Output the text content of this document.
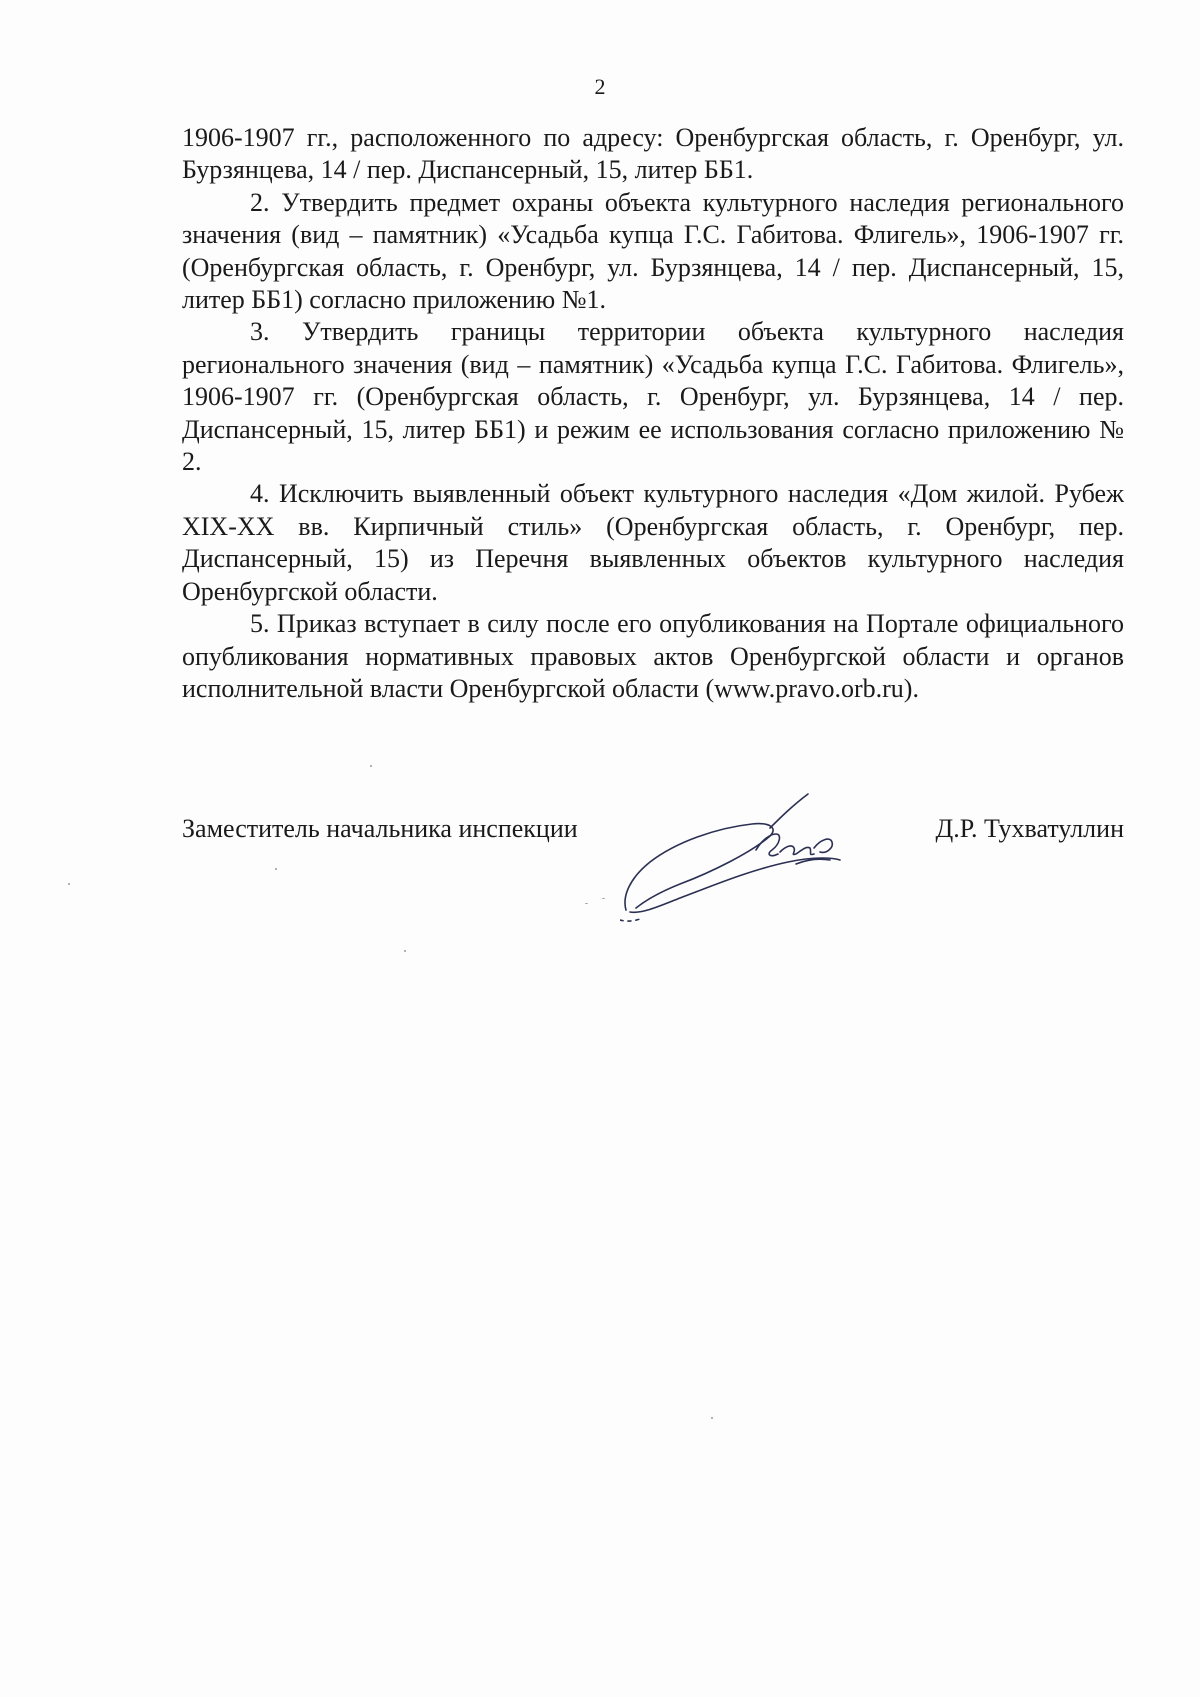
2

1906-1907 гг., расположенного по адресу: Оренбургская область, г. Оренбург, ул. Бурзянцева, 14 / пер. Диспансерный, 15, литер ББ1.

2. Утвердить предмет охраны объекта культурного наследия регионального значения (вид – памятник) «Усадьба купца Г.С. Габитова. Флигель», 1906-1907 гг. (Оренбургская область, г. Оренбург, ул. Бурзянцева, 14 / пер. Диспансерный, 15, литер ББ1) согласно приложению №1.

3. Утвердить границы территории объекта культурного наследия регионального значения (вид – памятник) «Усадьба купца Г.С. Габитова. Флигель», 1906-1907 гг. (Оренбургская область, г. Оренбург, ул. Бурзянцева, 14 / пер. Диспансерный, 15, литер ББ1) и режим ее использования согласно приложению № 2.

4. Исключить выявленный объект культурного наследия «Дом жилой. Рубеж XIX-XX вв. Кирпичный стиль» (Оренбургская область, г. Оренбург, пер. Диспансерный, 15) из Перечня выявленных объектов культурного наследия Оренбургской области.

5. Приказ вступает в силу после его опубликования на Портале официального опубликования нормативных правовых актов Оренбургской области и органов исполнительной власти Оренбургской области (www.pravo.orb.ru).

Заместитель начальника инспекции	Д.Р. Тухватуллин
